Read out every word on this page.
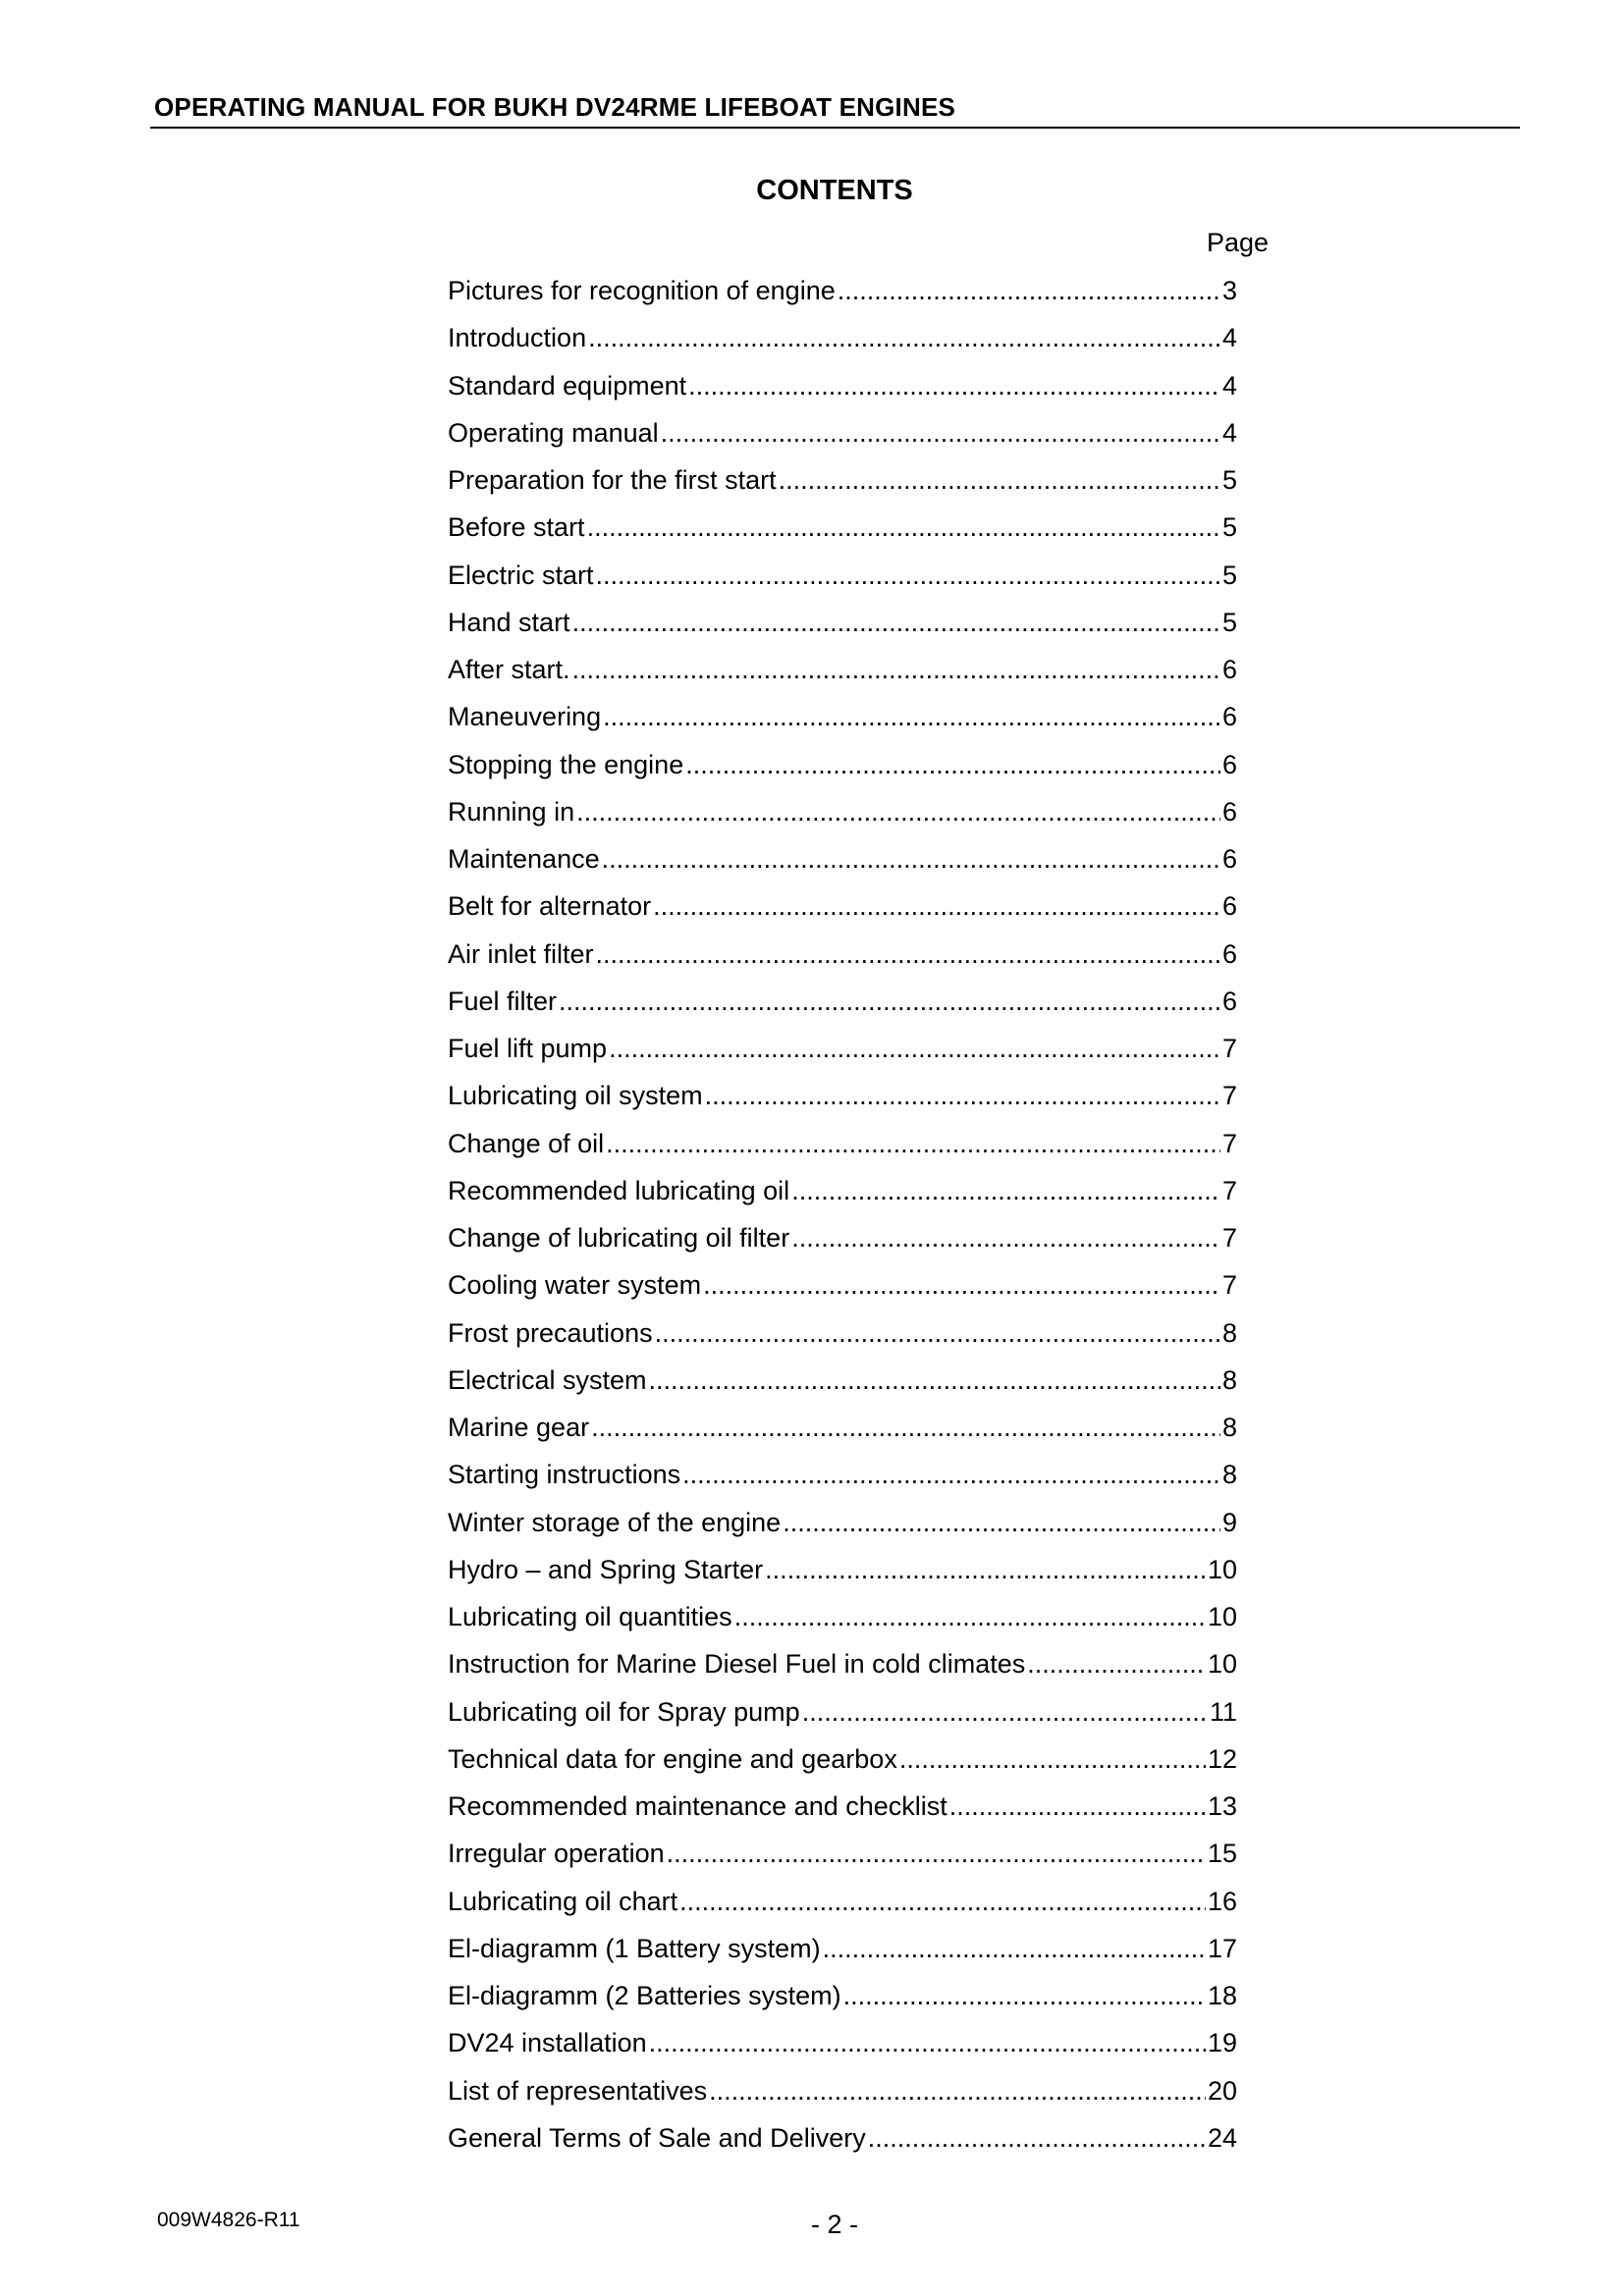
OPERATING MANUAL FOR BUKH DV24RME LIFEBOAT ENGINES
CONTENTS
Page
Pictures for recognition of engine .....	3
Introduction .....	4
Standard equipment .....	4
Operating manual .....	4
Preparation for the first start .....	5
Before start .....	5
Electric start .....	5
Hand start .....	5
After start. .....	6
Maneuvering .....	6
Stopping the engine .....	6
Running in .....	6
Maintenance .....	6
Belt for alternator .....	6
Air inlet filter .....	6
Fuel filter .....	6
Fuel lift pump .....	7
Lubricating oil system .....	7
Change of oil .....	7
Recommended lubricating oil .....	7
Change of lubricating oil filter .....	7
Cooling water system .....	7
Frost precautions .....	8
Electrical system .....	8
Marine gear .....	8
Starting instructions .....	8
Winter storage of the engine .....	9
Hydro – and Spring Starter .....	10
Lubricating oil quantities .....	10
Instruction for Marine Diesel Fuel in cold climates .....	10
Lubricating oil for Spray pump .....	11
Technical data for engine and gearbox .....	12
Recommended maintenance and checklist .....	13
Irregular operation .....	15
Lubricating oil chart .....	16
El-diagramm (1 Battery system) .....	17
El-diagramm (2 Batteries system) .....	18
DV24 installation .....	19
List of representatives .....	20
General Terms of Sale and Delivery .....	24
009W4826-R11	- 2 -
